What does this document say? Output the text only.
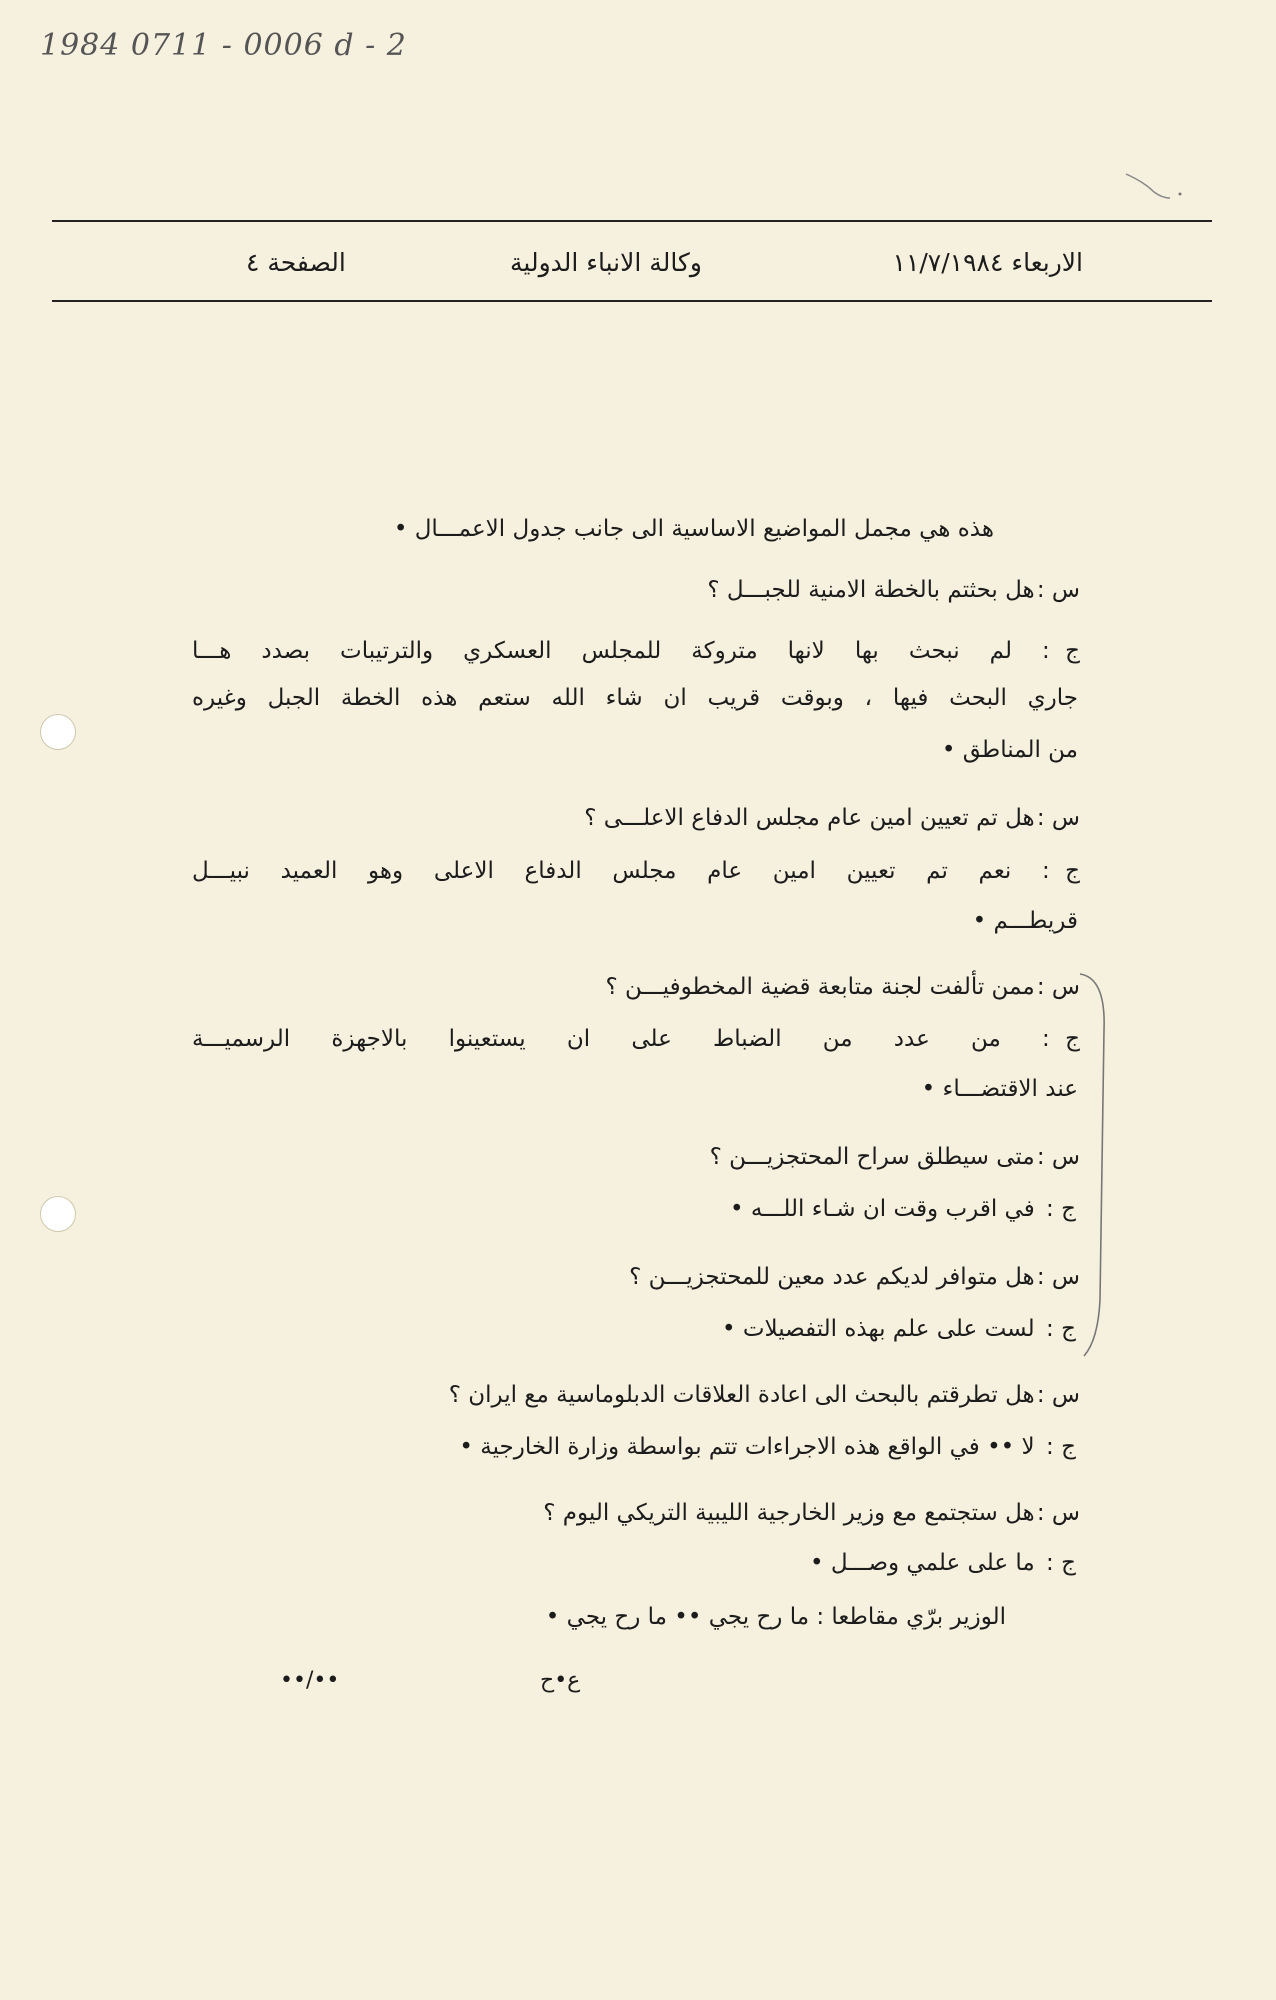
1984 0711 - 0006 d - 2
الاربعاء ١١/٧/١٩٨٤
وكالة الانباء الدولية
الصفحة ٤
هذه هي مجمل المواضيع الاساسية الى جانب جدول الاعمـــال •
س : هل بحثتم بالخطة الامنية للجبـــل ؟
ج : لم نبحث بها لانها متروكة للمجلس العسكري والترتيبات بصدد هـــا
جاري البحث فيها ، وبوقت قريب ان شاء الله ستعم هذه الخطة الجبل وغيره
من المناطق •
س : هل تم تعيين امين عام مجلس الدفاع الاعلـــى ؟
ج : نعم تم تعيين امين عام مجلس الدفاع الاعلى وهو العميد نبيـــل
قريطـــم •
س : ممن تألفت لجنة متابعة قضية المخطوفيـــن ؟
ج : من عدد من الضباط على ان يستعينوا بالاجهزة الرسميـــة
عند الاقتضـــاء •
س : متى سيطلق سراح المحتجزيـــن ؟
ج : في اقرب وقت ان شـاء اللـــه •
س : هل متوافر لديكم عدد معين للمحتجزيـــن ؟
ج : لست على علم بهذه التفصيلات •
س : هل تطرقتم بالبحث الى اعادة العلاقات الدبلوماسية مع ايران ؟
ج : لا •• في الواقع هذه الاجراءات تتم بواسطة وزارة الخارجية •
س : هل ستجتمع مع وزير الخارجية الليبية التريكي اليوم ؟
ج : ما على علمي وصـــل •
الوزير برّي مقاطعا : ما رح يجي •• ما رح يجي •
ع•ح
••/••
